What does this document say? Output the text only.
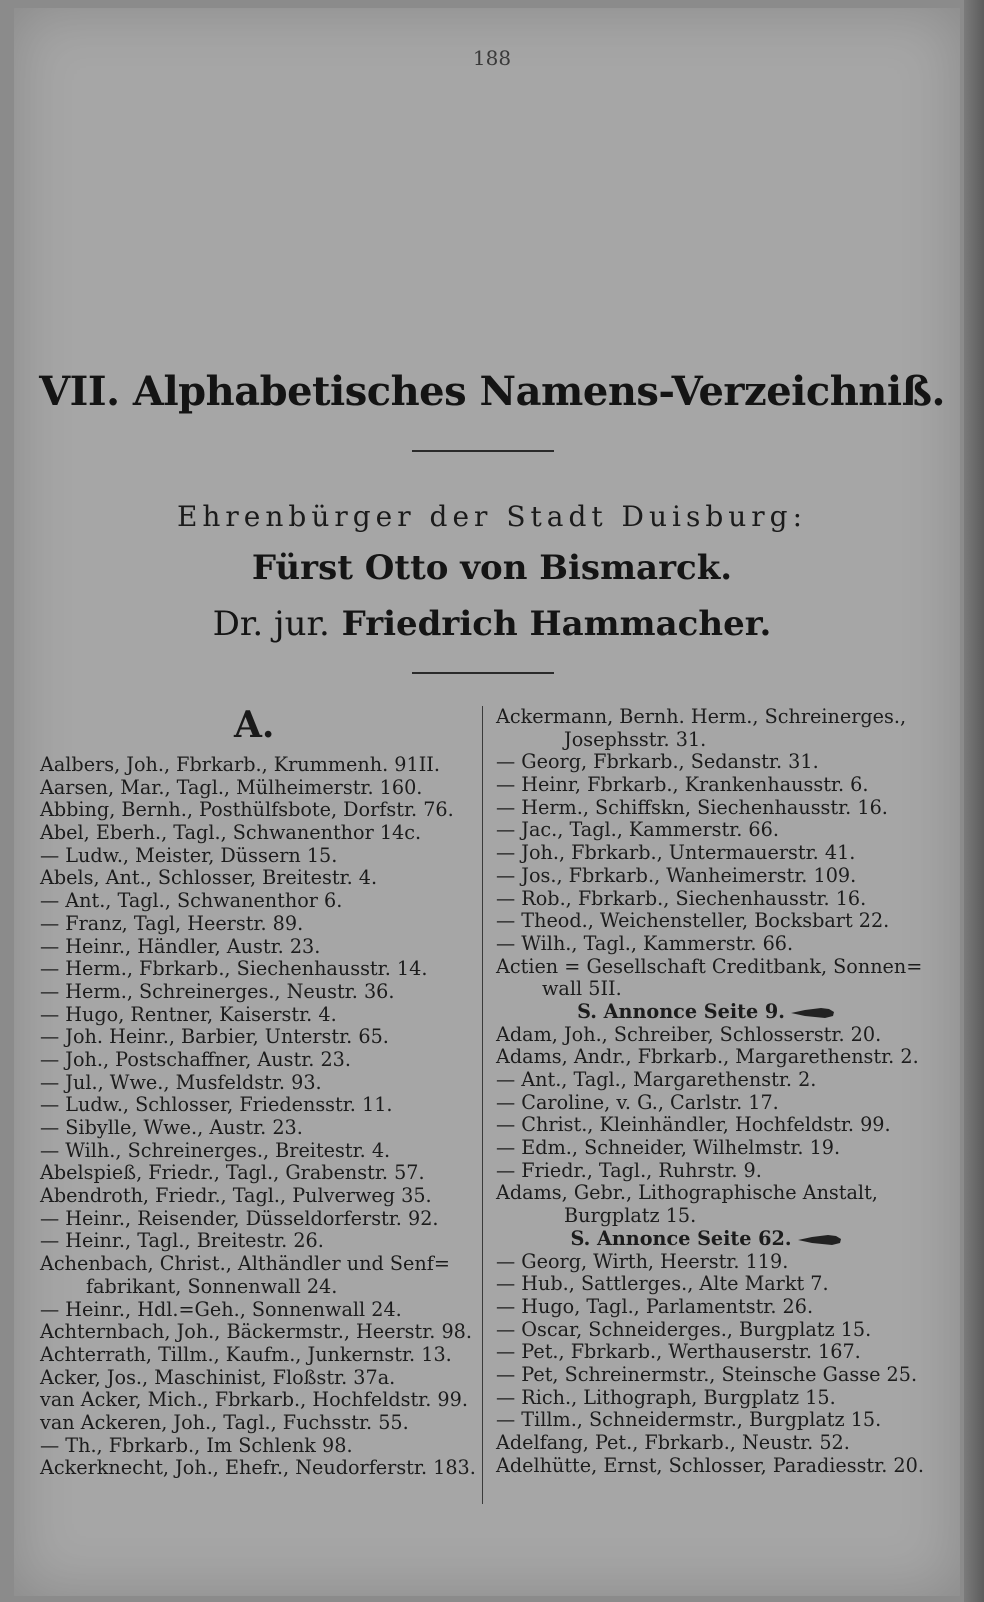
188
VII. Alphabetisches Namens-Verzeichniß.
Ehrenbürger der Stadt Duisburg:
Fürst Otto von Bismarck.
Dr. jur. Friedrich Hammacher.
A.
Aalbers, Joh., Fbrkarb., Krummenh. 91II.
Aarsen, Mar., Tagl., Mülheimerstr. 160.
Abbing, Bernh., Posthülfsbote, Dorfstr. 76.
Abel, Eberh., Tagl., Schwanenthor 14c.
— Ludw., Meister, Düssern 15.
Abels, Ant., Schlosser, Breitestr. 4.
— Ant., Tagl., Schwanenthor 6.
— Franz, Tagl, Heerstr. 89.
— Heinr., Händler, Austr. 23.
— Herm., Fbrkarb., Siechenhausstr. 14.
— Herm., Schreinerges., Neustr. 36.
— Hugo, Rentner, Kaiserstr. 4.
— Joh. Heinr., Barbier, Unterstr. 65.
— Joh., Postschaffner, Austr. 23.
— Jul., Wwe., Musfeldstr. 93.
— Ludw., Schlosser, Friedensstr. 11.
— Sibylle, Wwe., Austr. 23.
— Wilh., Schreinerges., Breitestr. 4.
Abelspieß, Friedr., Tagl., Grabenstr. 57.
Abendroth, Friedr., Tagl., Pulverweg 35.
— Heinr., Reisender, Düsseldorferstr. 92.
— Heinr., Tagl., Breitestr. 26.
Achenbach, Christ., Althändler und Senf=
fabrikant, Sonnenwall 24.
— Heinr., Hdl.=Geh., Sonnenwall 24.
Achternbach, Joh., Bäckermstr., Heerstr. 98.
Achterrath, Tillm., Kaufm., Junkernstr. 13.
Acker, Jos., Maschinist, Floßstr. 37a.
van Acker, Mich., Fbrkarb., Hochfeldstr. 99.
van Ackeren, Joh., Tagl., Fuchsstr. 55.
— Th., Fbrkarb., Im Schlenk 98.
Ackerknecht, Joh., Ehefr., Neudorferstr. 183.
Ackermann, Bernh. Herm., Schreinerges.,
Josephsstr. 31.
— Georg, Fbrkarb., Sedanstr. 31.
— Heinr, Fbrkarb., Krankenhausstr. 6.
— Herm., Schiffskn, Siechenhausstr. 16.
— Jac., Tagl., Kammerstr. 66.
— Joh., Fbrkarb., Untermauerstr. 41.
— Jos., Fbrkarb., Wanheimerstr. 109.
— Rob., Fbrkarb., Siechenhausstr. 16.
— Theod., Weichensteller, Bocksbart 22.
— Wilh., Tagl., Kammerstr. 66.
Actien = Gesellschaft Creditbank, Sonnen=
wall 5II.
S. Annonce Seite 9.
Adam, Joh., Schreiber, Schlosserstr. 20.
Adams, Andr., Fbrkarb., Margarethenstr. 2.
— Ant., Tagl., Margarethenstr. 2.
— Caroline, v. G., Carlstr. 17.
— Christ., Kleinhändler, Hochfeldstr. 99.
— Edm., Schneider, Wilhelmstr. 19.
— Friedr., Tagl., Ruhrstr. 9.
Adams, Gebr., Lithographische Anstalt,
Burgplatz 15.
S. Annonce Seite 62.
— Georg, Wirth, Heerstr. 119.
— Hub., Sattlerges., Alte Markt 7.
— Hugo, Tagl., Parlamentstr. 26.
— Oscar, Schneiderges., Burgplatz 15.
— Pet., Fbrkarb., Werthauserstr. 167.
— Pet, Schreinermstr., Steinsche Gasse 25.
— Rich., Lithograph, Burgplatz 15.
— Tillm., Schneidermstr., Burgplatz 15.
Adelfang, Pet., Fbrkarb., Neustr. 52.
Adelhütte, Ernst, Schlosser, Paradiesstr. 20.
